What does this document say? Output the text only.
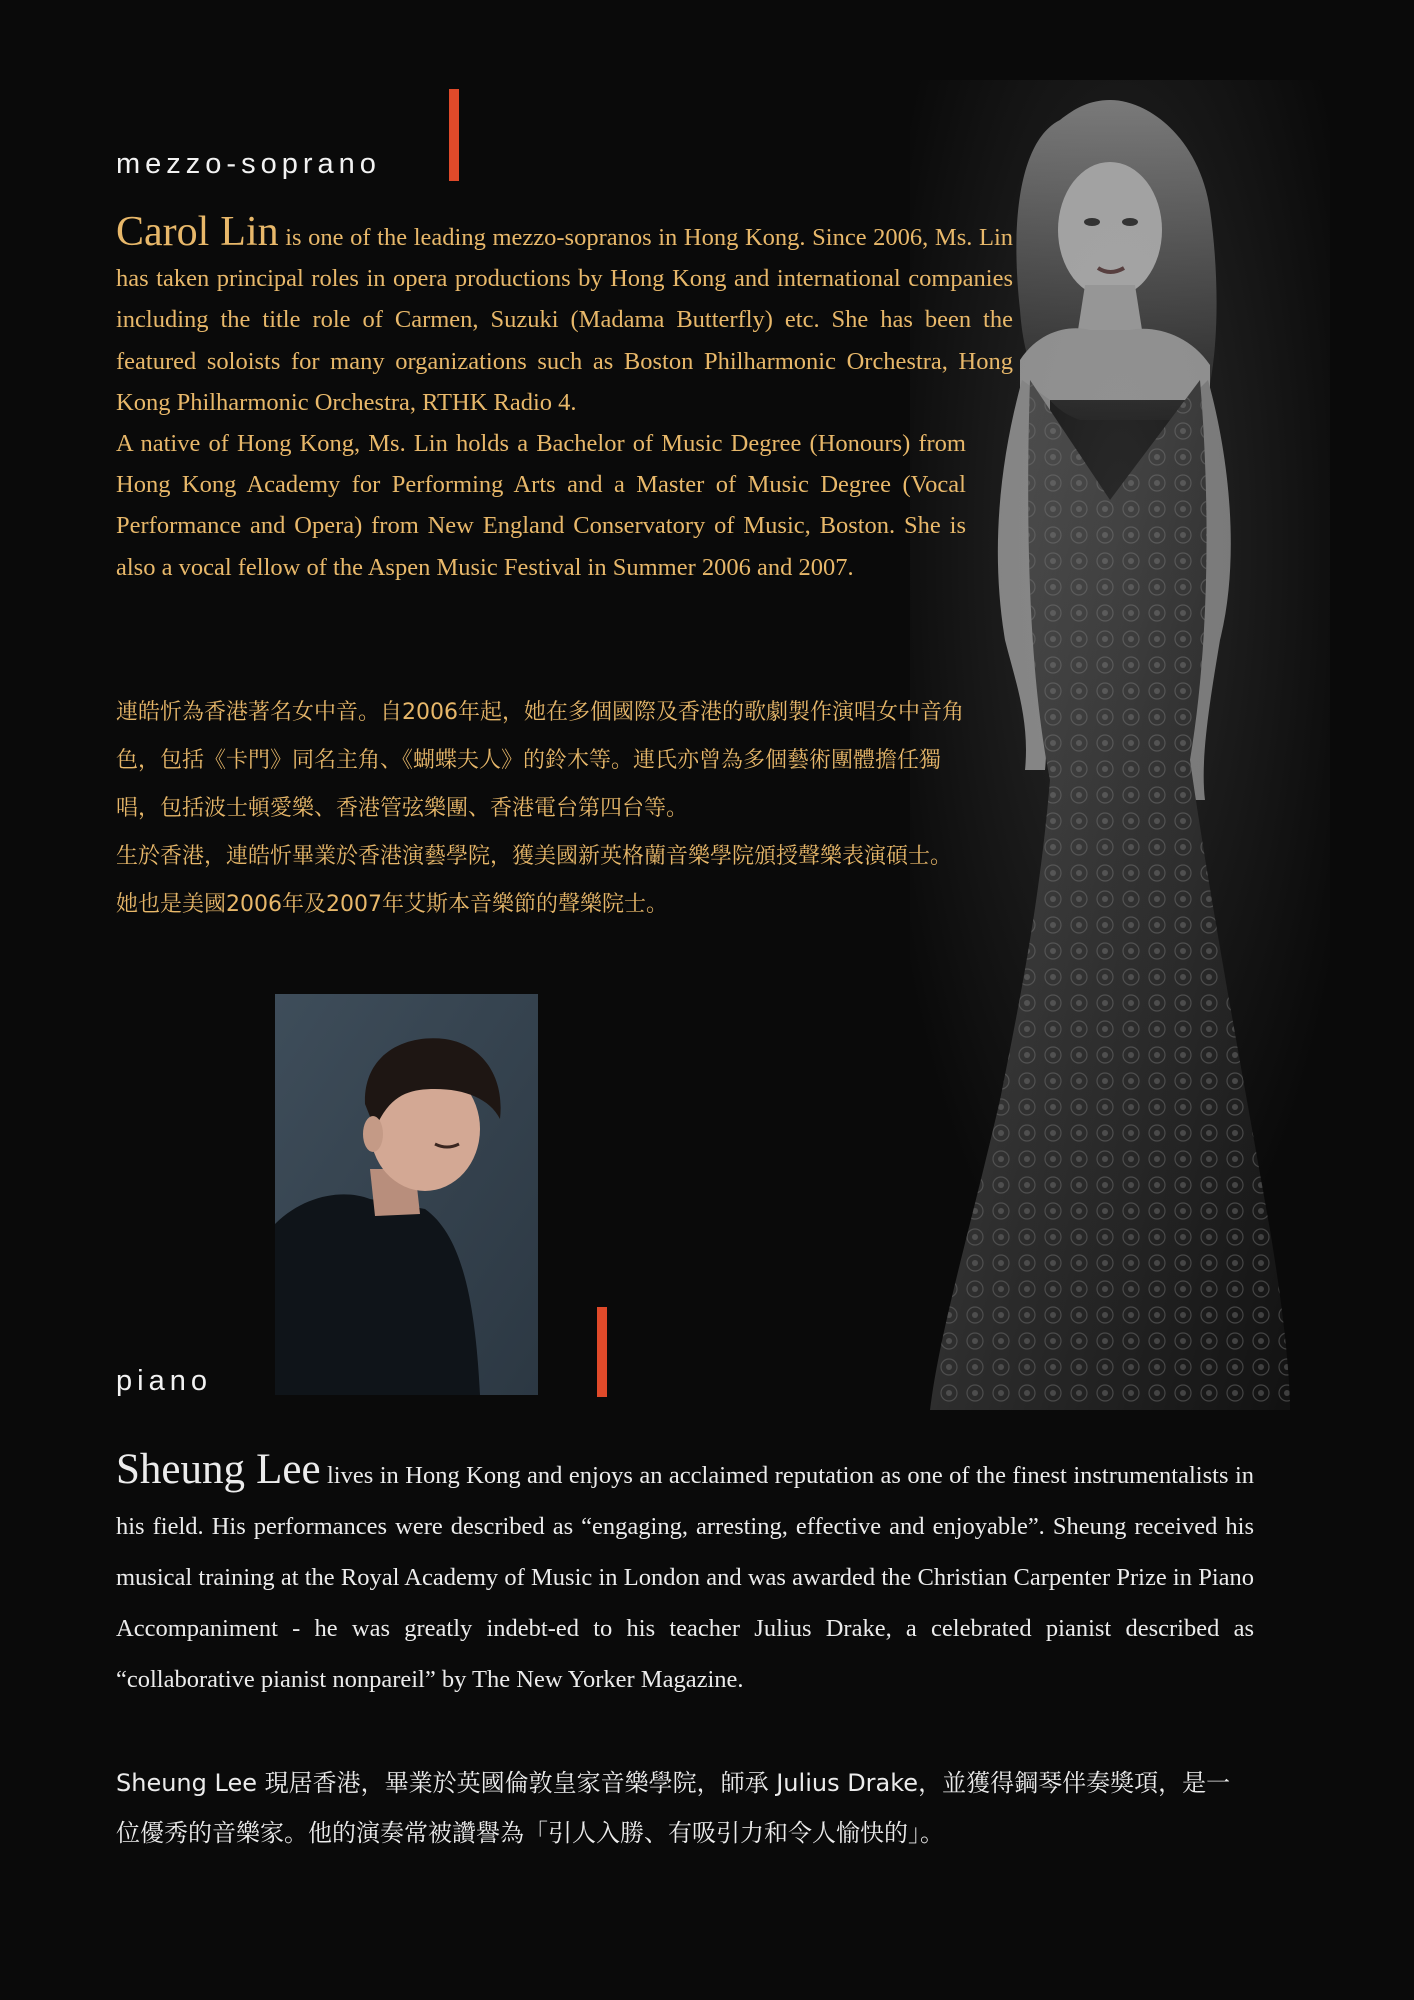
mezzo-soprano

Carol Lin is one of the leading mezzo-sopranos in Hong Kong. Since 2006, Ms. Lin has taken principal roles in opera productions by Hong Kong and international companies including the title role of Carmen, Suzuki (Madama Butterfly) etc. She has been the featured soloists for many organizations such as Boston Philharmonic Orchestra, Hong Kong Philharmonic Orchestra, RTHK Radio 4.

A native of Hong Kong, Ms. Lin holds a Bachelor of Music Degree (Honours) from Hong Kong Academy for Performing Arts and a Master of Music Degree (Vocal Performance and Opera) from New England Conservatory of Music, Boston. She is also a vocal fellow of the Aspen Music Festival in Summer 2006 and 2007.

連皓忻為香港著名女中音。自2006年起，她在多個國際及香港的歌劇製作演唱女中音角色，包括《卡門》同名主角、《蝴蝶夫人》的鈴木等。連氏亦曾為多個藝術團體擔任獨唱，包括波士頓愛樂、香港管弦樂團、香港電台第四台等。

生於香港，連皓忻畢業於香港演藝學院，獲美國新英格蘭音樂學院頒授聲樂表演碩士。她也是美國2006年及2007年艾斯本音樂節的聲樂院士。

piano

Sheung Lee lives in Hong Kong and enjoys an acclaimed reputation as one of the finest instrumentalists in his field. His performances were described as “engaging, arresting, effective and enjoyable”. Sheung received his musical training at the Royal Academy of Music in London and was awarded the Christian Carpenter Prize in Piano Accompaniment - he was greatly indebt-ed to his teacher Julius Drake, a celebrated pianist described as “collaborative pianist nonpareil” by The New Yorker Magazine.

Sheung Lee 現居香港，畢業於英國倫敦皇家音樂學院，師承 Julius Drake，並獲得鋼琴伴奏獎項，是一位優秀的音樂家。他的演奏常被讚譽為「引人入勝、有吸引力和令人愉快的」。
